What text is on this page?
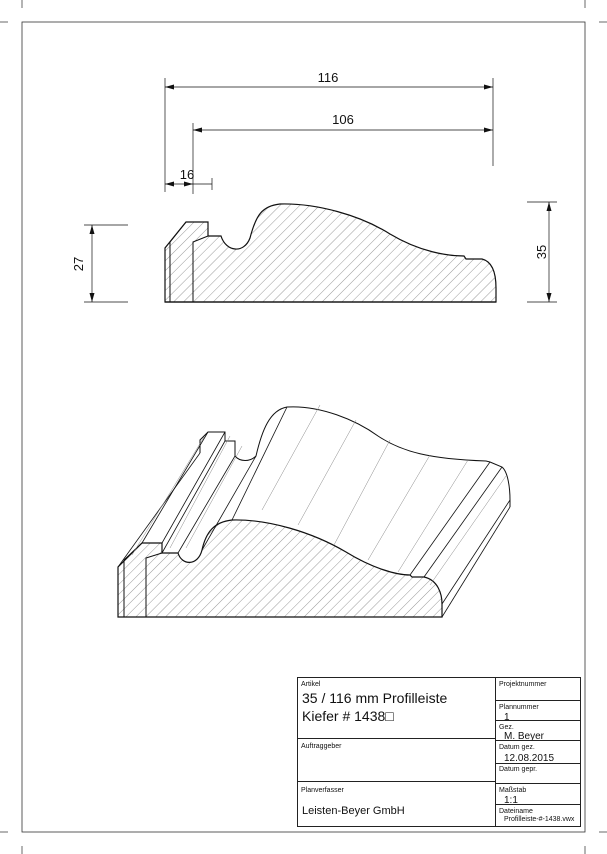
116
106
16
27
35
Artikel
35 / 116 mm Profilleiste
Kiefer # 1438□
Projektnummer
Plannummer
1
Gez.
M. Beyer
Auftraggeber	Datum gez.
12.08.2015
Datum gepr.
Planverfasser
Leisten-Beyer GmbH
Maßstab
1:1
Dateiname
Profilleiste-#-1438.vwx
